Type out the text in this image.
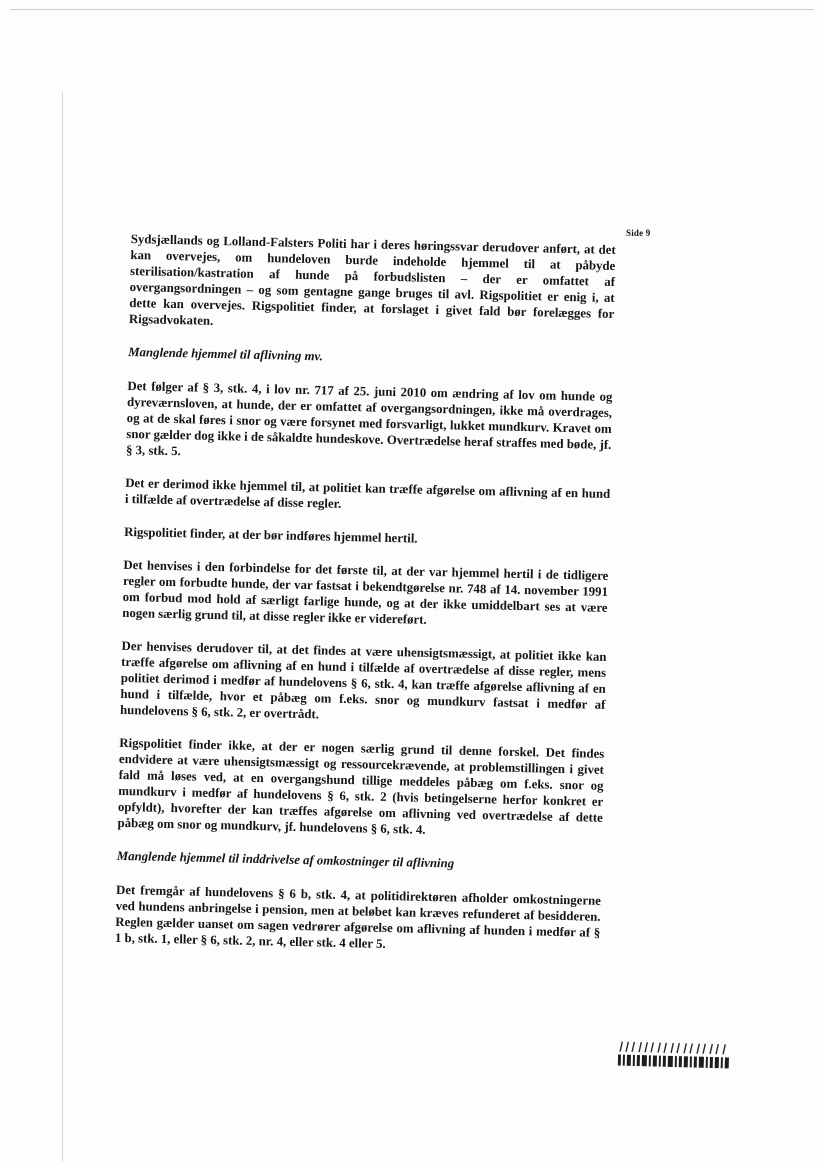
Side 9

Sydsjællands og Lolland-Falsters Politi har i deres høringssvar derudover anført, at det kan overvejes, om hundeloven burde indeholde hjemmel til at påbyde sterilisation/kastration af hunde på forbudslisten – der er omfattet af overgangsordningen – og som gentagne gange bruges til avl. Rigspolitiet er enig i, at dette kan overvejes. Rigspolitiet finder, at forslaget i givet fald bør forelægges for Rigsadvokaten.

Manglende hjemmel til aflivning mv.

Det følger af § 3, stk. 4, i lov nr. 717 af 25. juni 2010 om ændring af lov om hunde og dyreværnsloven, at hunde, der er omfattet af overgangsordningen, ikke må overdrages, og at de skal føres i snor og være forsynet med forsvarligt, lukket mundkurv. Kravet om snor gælder dog ikke i de såkaldte hundeskove. Overtrædelse heraf straffes med bøde, jf. § 3, stk. 5.

Det er derimod ikke hjemmel til, at politiet kan træffe afgørelse om aflivning af en hund i tilfælde af overtrædelse af disse regler.

Rigspolitiet finder, at der bør indføres hjemmel hertil.

Det henvises i den forbindelse for det første til, at der var hjemmel hertil i de tidligere regler om forbudte hunde, der var fastsat i bekendtgørelse nr. 748 af 14. november 1991 om forbud mod hold af særligt farlige hunde, og at der ikke umiddelbart ses at være nogen særlig grund til, at disse regler ikke er videreført.

Der henvises derudover til, at det findes at være uhensigtsmæssigt, at politiet ikke kan træffe afgørelse om aflivning af en hund i tilfælde af overtrædelse af disse regler, mens politiet derimod i medfør af hundelovens § 6, stk. 4, kan træffe afgørelse aflivning af en hund i tilfælde, hvor et påbæg om f.eks. snor og mundkurv fastsat i medfør af hundelovens § 6, stk. 2, er overtrådt.

Rigspolitiet finder ikke, at der er nogen særlig grund til denne forskel. Det findes endvidere at være uhensigtsmæssigt og ressourcekrævende, at problemstillingen i givet fald må løses ved, at en overgangshund tillige meddeles påbæg om f.eks. snor og mundkurv i medfør af hundelovens § 6, stk. 2 (hvis betingelserne herfor konkret er opfyldt), hvorefter der kan træffes afgørelse om aflivning ved overtrædelse af dette påbæg om snor og mundkurv, jf. hundelovens § 6, stk. 4.

Manglende hjemmel til inddrivelse af omkostninger til aflivning

Det fremgår af hundelovens § 6 b, stk. 4, at politidirektøren afholder omkostningerne ved hundens anbringelse i pension, men at beløbet kan kræves refunderet af besidderen. Reglen gælder uanset om sagen vedrører afgørelse om aflivning af hunden i medfør af § 1 b, stk. 1, eller § 6, stk. 2, nr. 4, eller stk. 4 eller 5.
